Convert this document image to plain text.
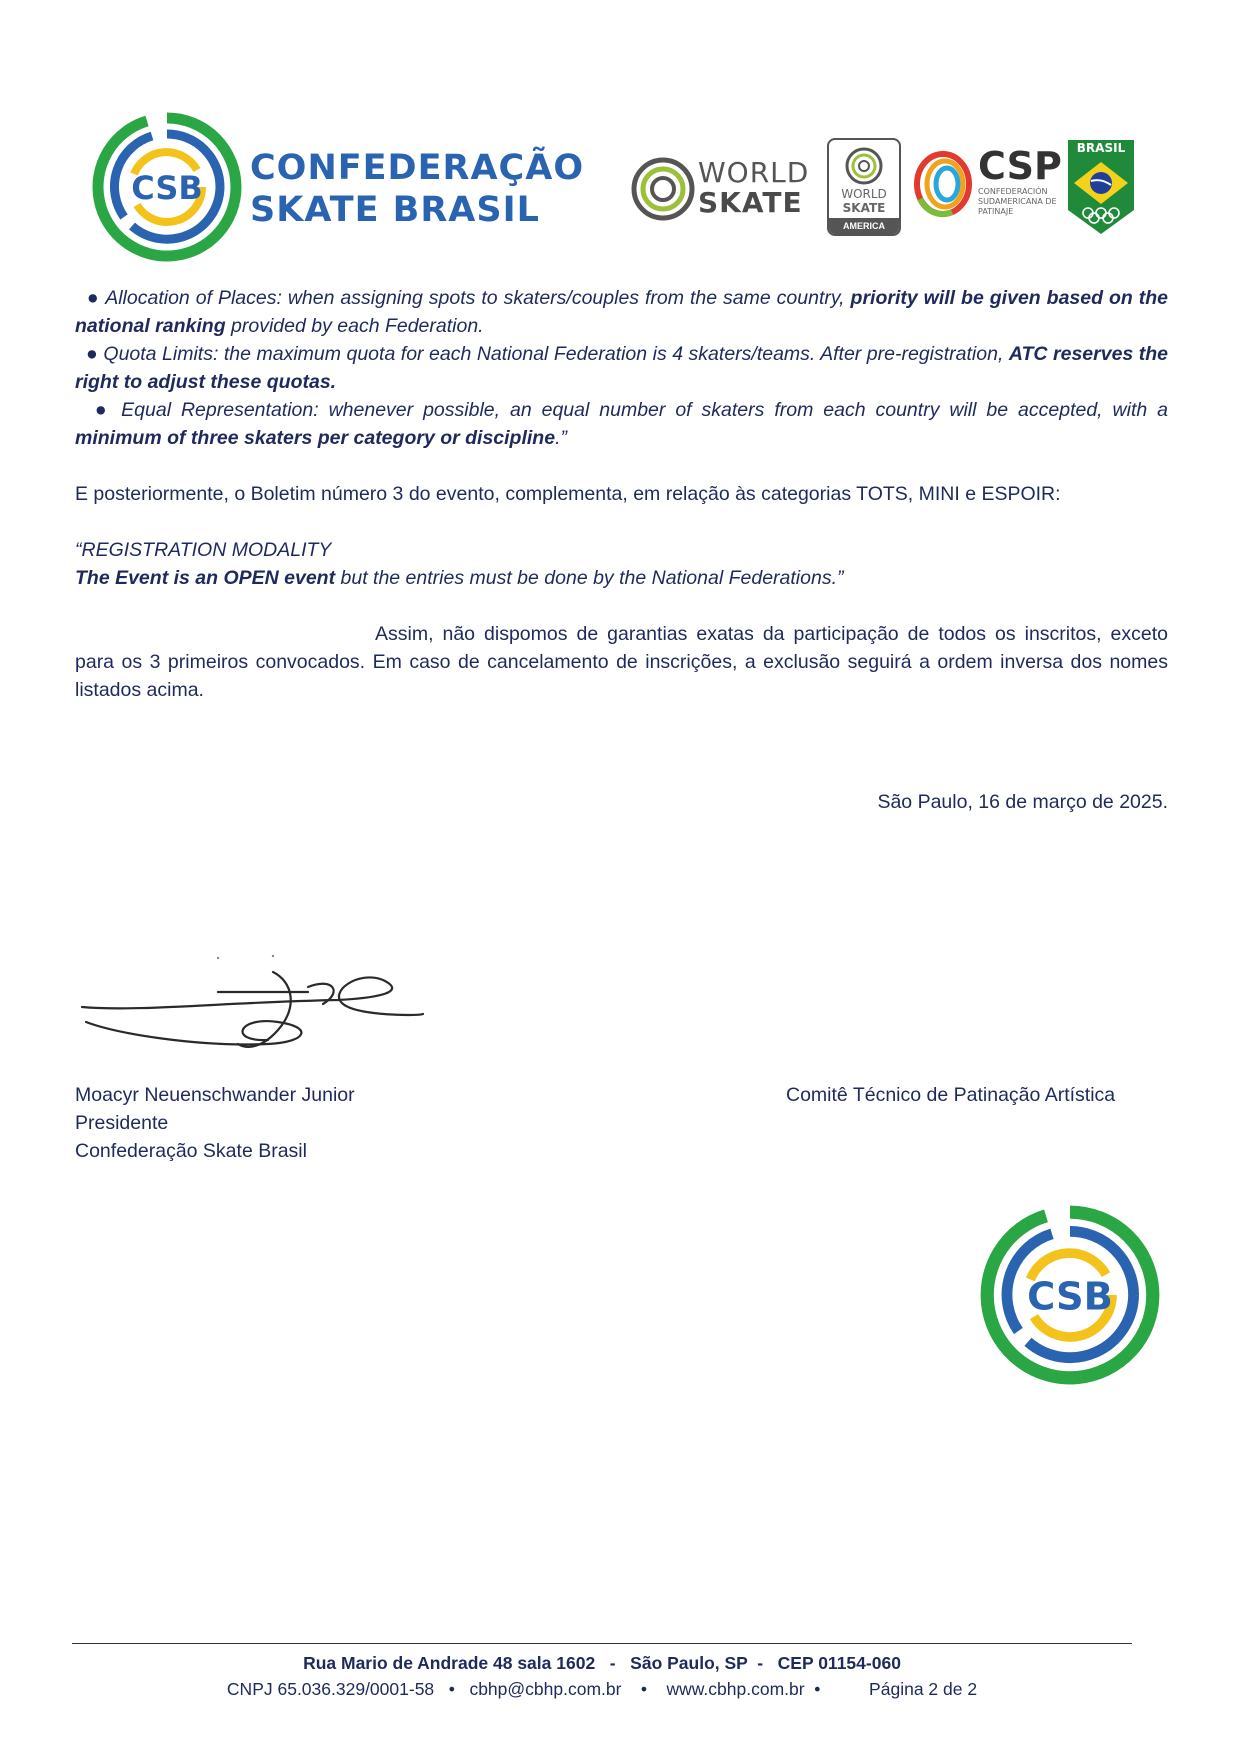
CSB CONFEDERAÇÃO
SKATE BRASIL
WORLD
SKATE	WORLD
SKATE
AMERICA
CSP
CONFEDERACIÓN SUDAMERICANA DE PATINAJE
BRASIL

● Allocation of Places: when assigning spots to skaters/couples from the same country, priority will be given based on the national ranking provided by each Federation.

● Quota Limits: the maximum quota for each National Federation is 4 skaters/teams. After pre-registration, ATC reserves the right to adjust these quotas.

● Equal Representation: whenever possible, an equal number of skaters from each country will be accepted, with a minimum of three skaters per category or discipline.”

E posteriormente, o Boletim número 3 do evento, complementa, em relação às categorias TOTS, MINI e ESPOIR:

“REGISTRATION MODALITY

The Event is an OPEN event but the entries must be done by the National Federations.”

Assim, não dispomos de garantias exatas da participação de todos os inscritos, exceto para os 3 primeiros convocados. Em caso de cancelamento de inscrições, a exclusão seguirá a ordem inversa dos nomes listados acima.

São Paulo, 16 de março de 2025.
Moacyr Neuenschwander Junior
Presidente
Confederação Skate Brasil
Comitê Técnico de Patinação Artística
CSB
Rua Mario de Andrade 48 sala 1602   -   São Paulo, SP  -   CEP 01154-060
CNPJ 65.036.329/0001-58   •   cbhp@cbhp.com.br    •    www.cbhp.com.br  •          Página 2 de 2
